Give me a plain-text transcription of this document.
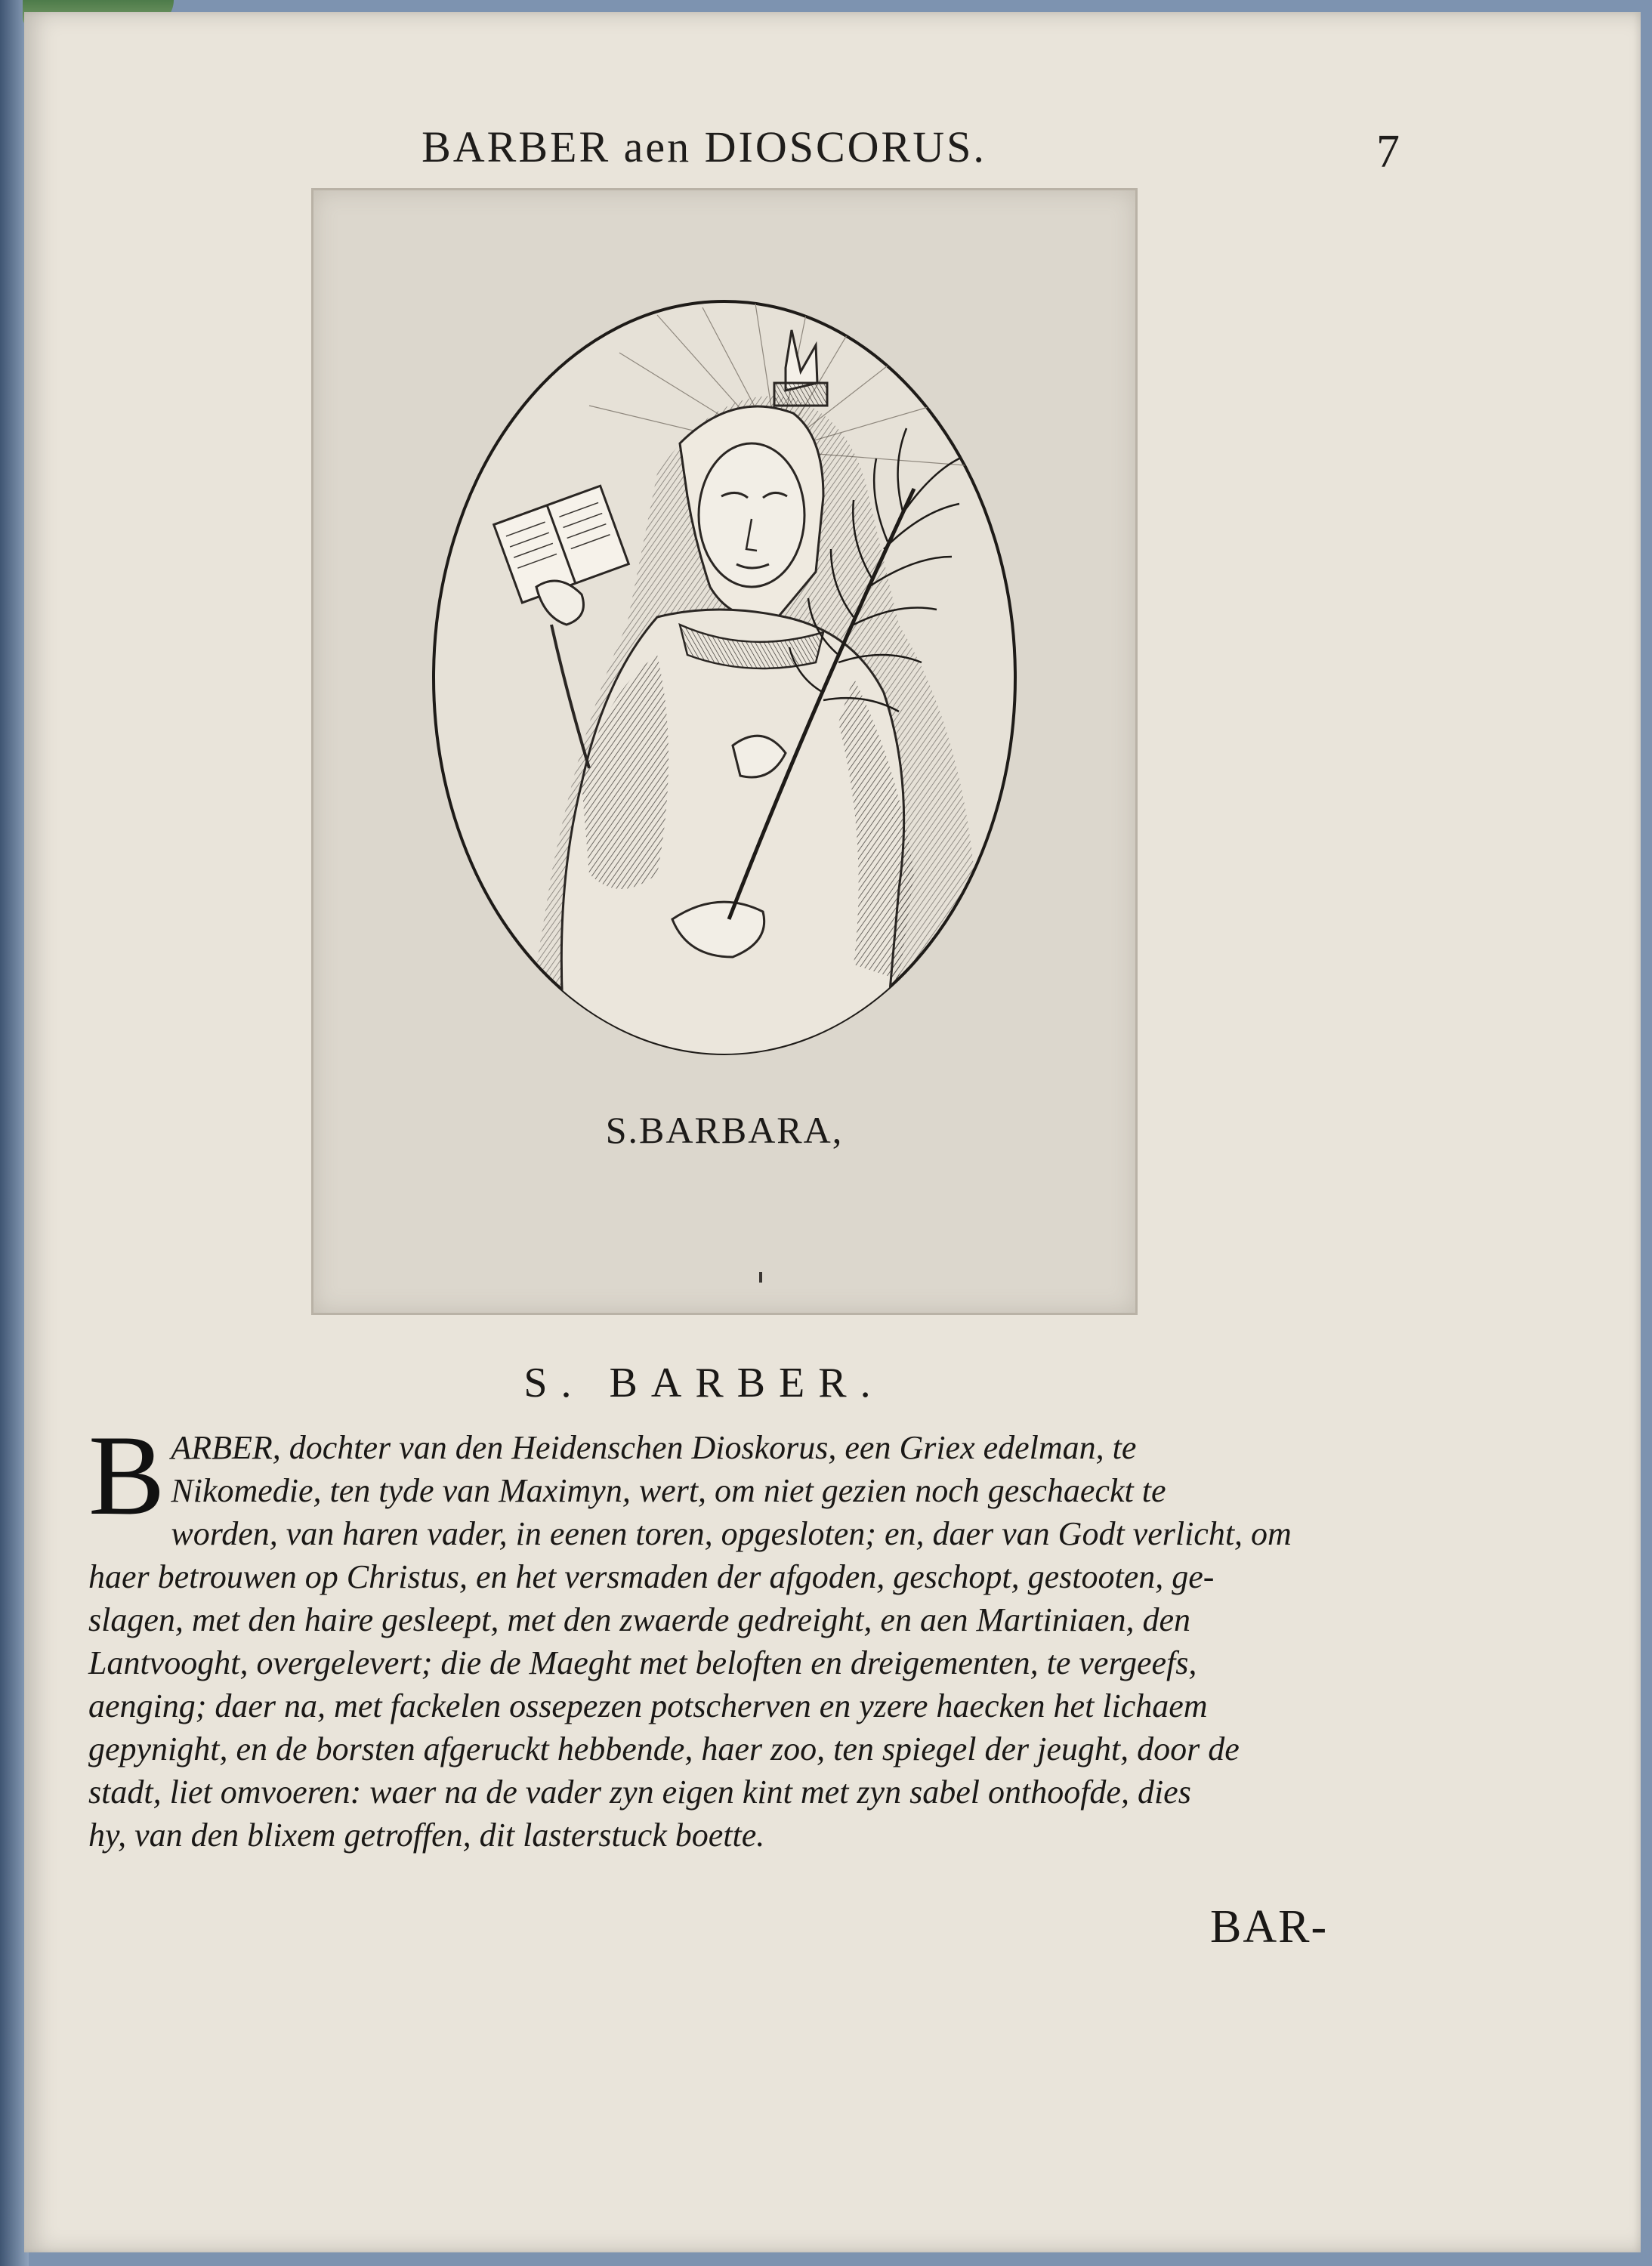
BARBER aen DIOSCORUS.	7
S.BARBARA,
S. BARBER.
B ARBER, dochter van den Heidenschen Dioskorus, een Griex edelman, te
Nikomedie, ten tyde van Maximyn, wert, om niet gezien noch geschaeckt te
worden, van haren vader, in eenen toren, opgesloten; en, daer van Godt verlicht, om
haer betrouwen op Christus, en het versmaden der afgoden, geschopt, gestooten, ge-
slagen, met den haire gesleept, met den zwaerde gedreight, en aen Martiniaen, den
Lantvooght, overgelevert; die de Maeght met beloften en dreigementen, te vergeefs,
aenging; daer na, met fackelen ossepezen potscherven en yzere haecken het lichaem
gepynight, en de borsten afgeruckt hebbende, haer zoo, ten spiegel der jeught, door de
stadt, liet omvoeren: waer na de vader zyn eigen kint met zyn sabel onthoofde, dies
hy, van den blixem getroffen, dit lasterstuck boette.
BAR-
